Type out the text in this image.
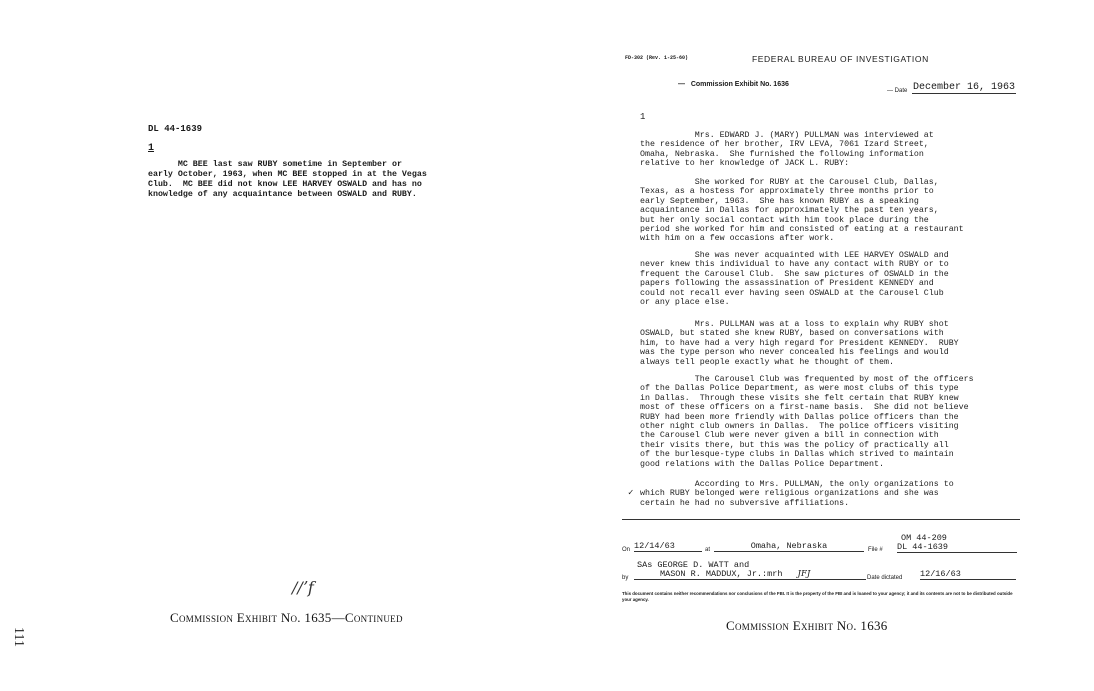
DL 44-1639
1
MC BEE last saw RUBY sometime in September or
early October, 1963, when MC BEE stopped in at the Vegas
Club.  MC BEE did not know LEE HARVEY OSWALD and has no
knowledge of any acquaintance between OSWALD and RUBY.
//ʼf
Commission Exhibit No. 1635—Continued
111
FD-302 (Rev. 1-25-60)	FEDERAL BUREAU OF INVESTIGATION
—   Commission Exhibit No. 1636
— Date December 16, 1963
1
Mrs. EDWARD J. (MARY) PULLMAN was interviewed at
the residence of her brother, IRV LEVA, 7061 Izard Street,
Omaha, Nebraska.  She furnished the following information
relative to her knowledge of JACK L. RUBY:
She worked for RUBY at the Carousel Club, Dallas,
Texas, as a hostess for approximately three months prior to
early September, 1963.  She has known RUBY as a speaking
acquaintance in Dallas for approximately the past ten years,
but her only social contact with him took place during the
period she worked for him and consisted of eating at a restaurant
with him on a few occasions after work.
She was never acquainted with LEE HARVEY OSWALD and
never knew this individual to have any contact with RUBY or to
frequent the Carousel Club.  She saw pictures of OSWALD in the
papers following the assassination of President KENNEDY and
could not recall ever having seen OSWALD at the Carousel Club
or any place else.
Mrs. PULLMAN was at a loss to explain why RUBY shot
OSWALD, but stated she knew RUBY, based on conversations with
him, to have had a very high regard for President KENNEDY.  RUBY
was the type person who never concealed his feelings and would
always tell people exactly what he thought of them.
The Carousel Club was frequented by most of the officers
of the Dallas Police Department, as were most clubs of this type
in Dallas.  Through these visits she felt certain that RUBY knew
most of these officers on a first-name basis.  She did not believe
RUBY had been more friendly with Dallas police officers than the
other night club owners in Dallas.  The police officers visiting
the Carousel Club were never given a bill in connection with
their visits there, but this was the policy of practically all
of the burlesque-type clubs in Dallas which strived to maintain
good relations with the Dallas Police Department.
According to Mrs. PULLMAN, the only organizations to
which RUBY belonged were religious organizations and she was
certain he had no subversive affiliations.
✓
On 12/14/63	at	Omaha, Nebraska	File #
OM 44-209
DL 44-1639
SAs GEORGE D. WATT and
by	MASON R. MADDUX, Jr.:mrh JFJ	Date dictated 12/16/63
This document contains neither recommendations nor conclusions of the FBI. It is the property of the FBI and is loaned to your agency; it and its contents are not to be distributed outside your agency.
Commission Exhibit No. 1636
